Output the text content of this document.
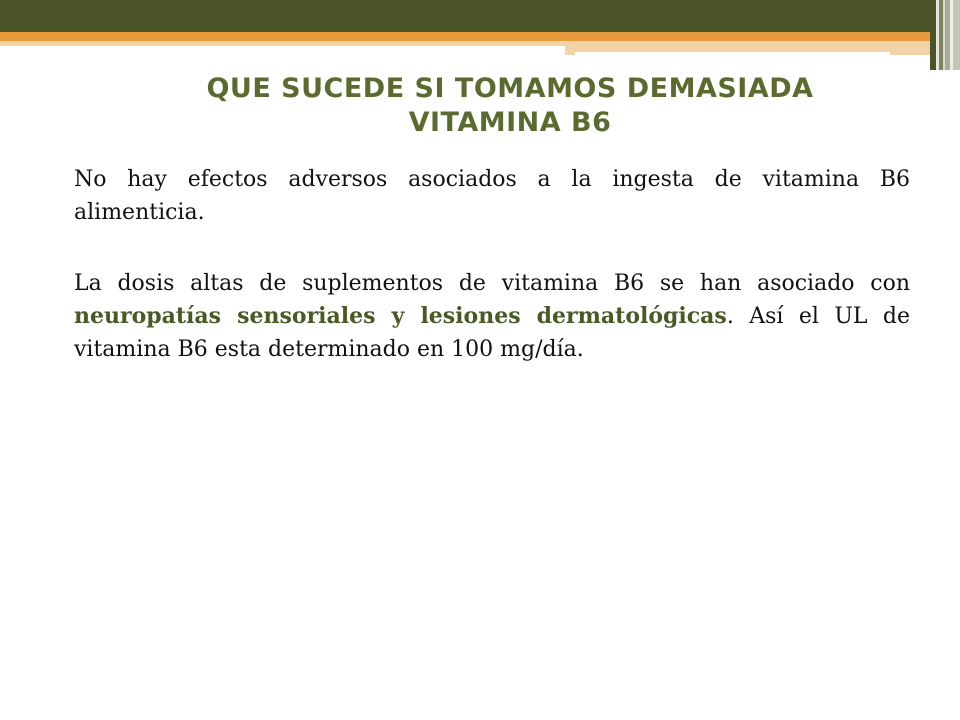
QUE SUCEDE SI TOMAMOS DEMASIADA
VITAMINA B6

No hay efectos adversos asociados a la ingesta de vitamina B6 alimenticia.

La dosis altas de suplementos de vitamina B6 se han asociado con neuropatías sensoriales y lesiones dermatológicas. Así el UL de vitamina B6 esta determinado en 100 mg/día.
